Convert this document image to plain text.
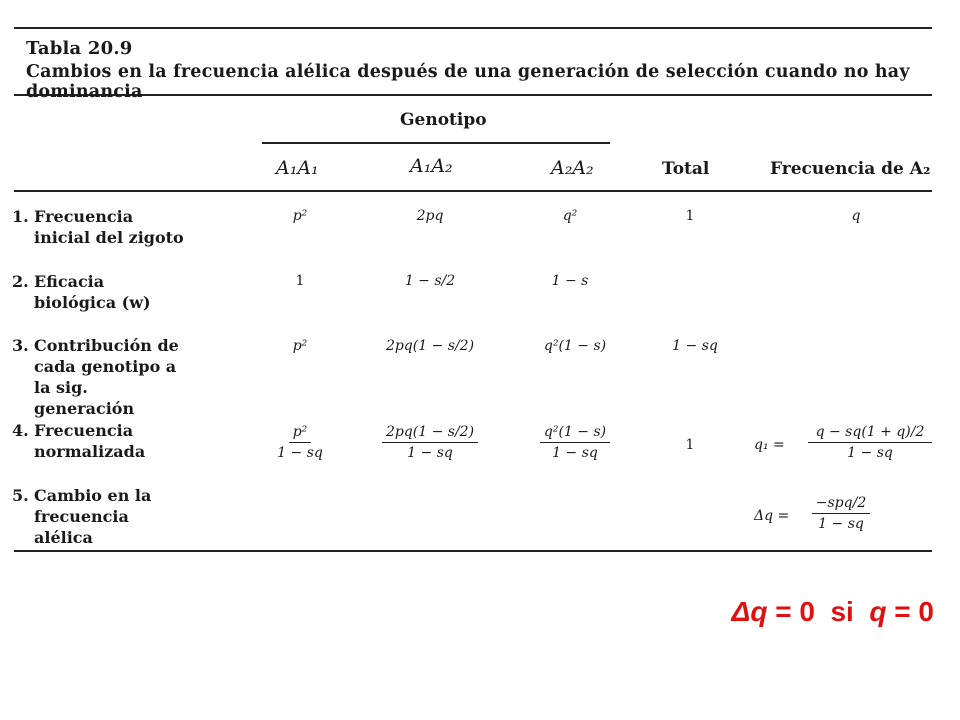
Tabla 20.9
Cambios en la frecuencia alélica después de una generación de selección cuando no hay dominancia
Genotipo
A₁A₁	A₁A₂	A₂A₂	Total	Frecuencia de A₂
1. Frecuencia inicial del zigoto
p²	2pq	q²	1	q
2. Eficacia biológica (w)
1	1 − s/2	1 − s
3. Contribución de cada genotipo a la sig. generación
p²	2pq(1 − s/2)	q²(1 − s)	1 − sq
4. Frecuencia normalizada	$\frac{\text{p²}}{1 - sq}$	$\frac{2pq(1 - s/2)}{1 - sq}$	$\frac{\text{q²(1 − s)}}{1 - sq}$	1	$q_1 = \frac{q - sq(1 + q)/2}{1 - sq}$
5. Cambio en la frecuencia alélica
Δq =
−spq/2
1 − sq
Δq = 0  si q = 0
